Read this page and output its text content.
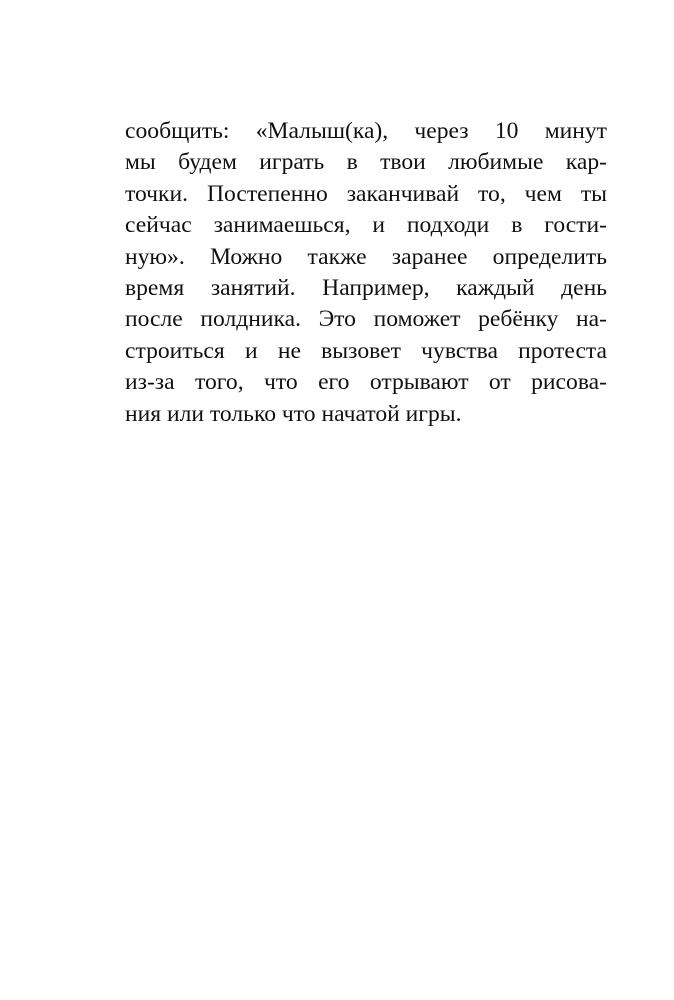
сообщить: «Малыш(ка), через 10 минут
мы будем играть в твои любимые кар-
точки. Постепенно заканчивай то, чем ты
сейчас занимаешься, и подходи в гости-
ную». Можно также заранее определить
время занятий. Например, каждый день
после полдника. Это поможет ребёнку на-
строиться и не вызовет чувства протеста
из-за того, что его отрывают от рисова-
ния или только что начатой игры.
